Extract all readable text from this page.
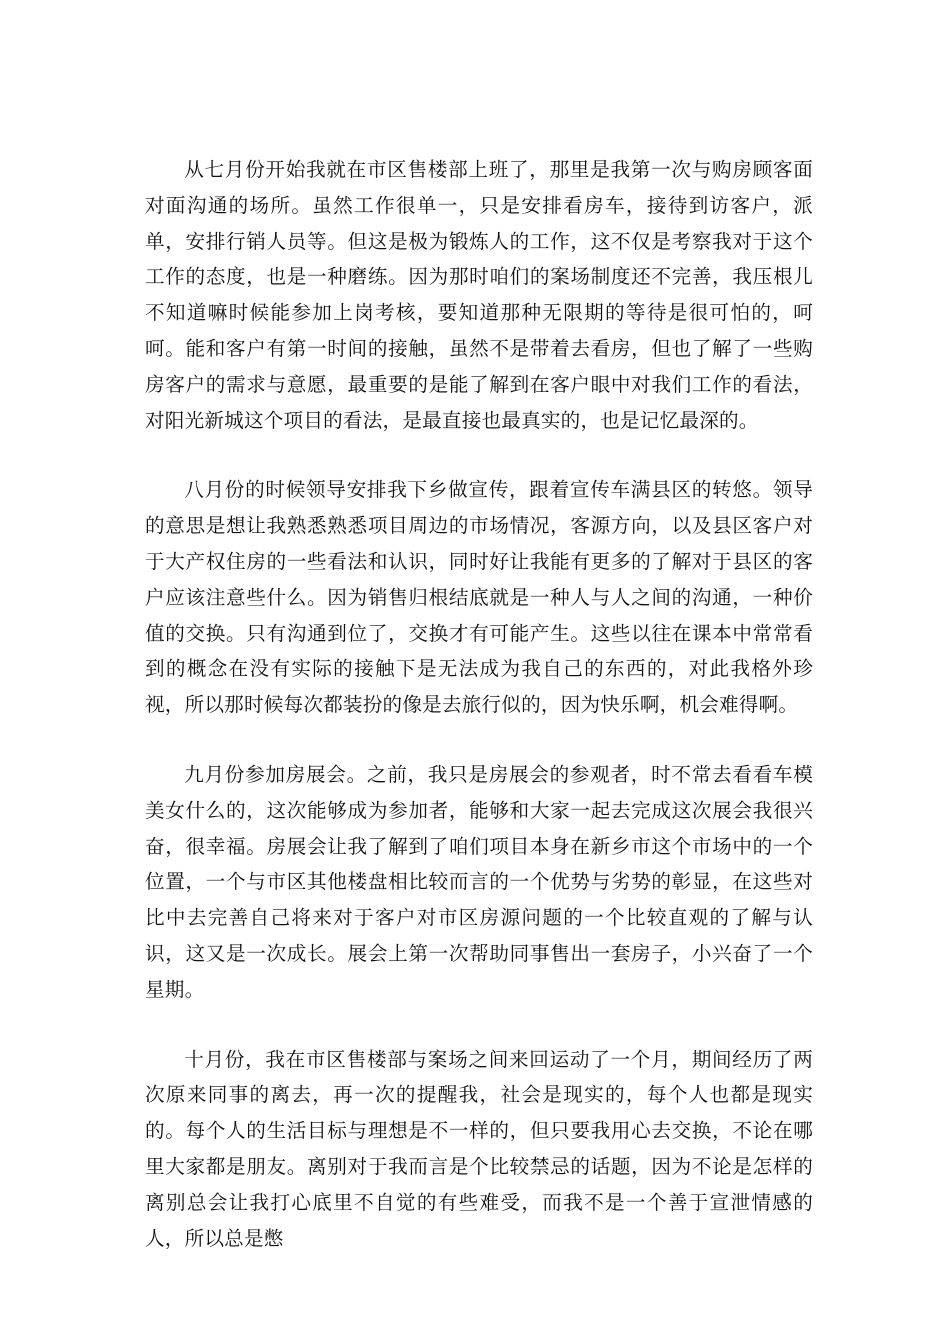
从七月份开始我就在市区售楼部上班了，那里是我第一次与购房顾客面对面沟通的场所。虽然工作很单一，只是安排看房车，接待到访客户，派单，安排行销人员等。但这是极为锻炼人的工作，这不仅是考察我对于这个工作的态度，也是一种磨练。因为那时咱们的案场制度还不完善，我压根儿不知道嘛时候能参加上岗考核，要知道那种无限期的等待是很可怕的，呵呵。能和客户有第一时间的接触，虽然不是带着去看房，但也了解了一些购房客户的需求与意愿，最重要的是能了解到在客户眼中对我们工作的看法，对阳光新城这个项目的看法，是最直接也最真实的，也是记忆最深的。

八月份的时候领导安排我下乡做宣传，跟着宣传车满县区的转悠。领导的意思是想让我熟悉熟悉项目周边的市场情况，客源方向，以及县区客户对于大产权住房的一些看法和认识，同时好让我能有更多的了解对于县区的客户应该注意些什么。因为销售归根结底就是一种人与人之间的沟通，一种价值的交换。只有沟通到位了，交换才有可能产生。这些以往在课本中常常看到的概念在没有实际的接触下是无法成为我自己的东西的，对此我格外珍视，所以那时候每次都装扮的像是去旅行似的，因为快乐啊，机会难得啊。

九月份参加房展会。之前，我只是房展会的参观者，时不常去看看车模美女什么的，这次能够成为参加者，能够和大家一起去完成这次展会我很兴奋，很幸福。房展会让我了解到了咱们项目本身在新乡市这个市场中的一个位置，一个与市区其他楼盘相比较而言的一个优势与劣势的彰显，在这些对比中去完善自己将来对于客户对市区房源问题的一个比较直观的了解与认识，这又是一次成长。展会上第一次帮助同事售出一套房子，小兴奋了一个星期。

十月份，我在市区售楼部与案场之间来回运动了一个月，期间经历了两次原来同事的离去，再一次的提醒我，社会是现实的，每个人也都是现实的。每个人的生活目标与理想是不一样的，但只要我用心去交换，不论在哪里大家都是朋友。离别对于我而言是个比较禁忌的话题，因为不论是怎样的离别总会让我打心底里不自觉的有些难受，而我不是一个善于宣泄情感的人，所以总是憋
